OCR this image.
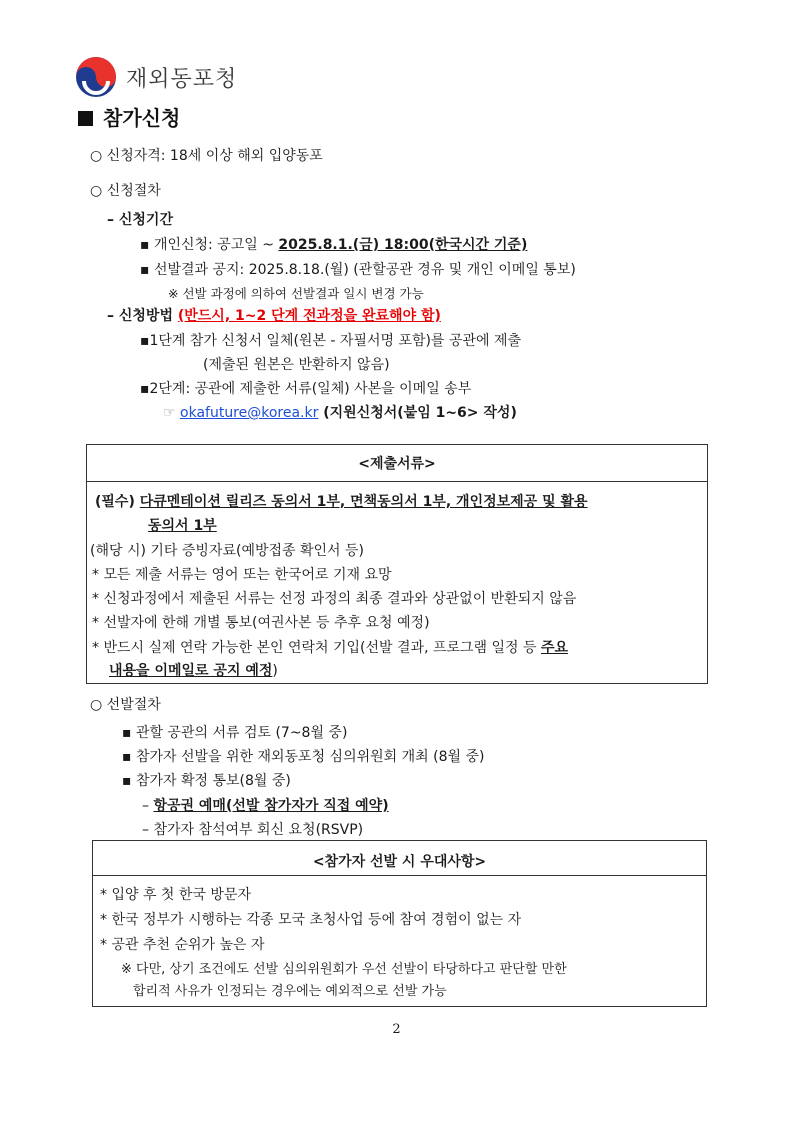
재외동포청
참가신청
○ 신청자격: 18세 이상 해외 입양동포
○ 신청절차
– 신청기간
▪ 개인신청: 공고일 ~ 2025.8.1.(금) 18:00(한국시간 기준)
▪ 선발결과 공지: 2025.8.18.(월) (관할공관 경유 및 개인 이메일 통보)
※ 선발 과정에 의하여 선발결과 일시 변경 가능
– 신청방법 (반드시, 1~2 단계 전과정을 완료해야 함)
▪1단계 참가 신청서 일체(원본 - 자필서명 포함)를 공관에 제출
(제출된 원본은 반환하지 않음)
▪2단계: 공관에 제출한 서류(일체) 사본을 이메일 송부
☞ okafuture@korea.kr (지원신청서(붙임 1~6> 작성)
<제출서류>
(필수) 다큐멘테이션 릴리즈 동의서 1부, 면책동의서 1부, 개인정보제공 및 활용
동의서 1부
(해당 시) 기타 증빙자료(예방접종 확인서 등)
* 모든 제출 서류는 영어 또는 한국어로 기재 요망
* 신청과정에서 제출된 서류는 선정 과정의 최종 결과와 상관없이 반환되지 않음
* 선발자에 한해 개별 통보(여권사본 등 추후 요청 예정)
* 반드시 실제 연락 가능한 본인 연락처 기입(선발 결과, 프로그램 일정 등 주요
내용을 이메일로 공지 예정)
○ 선발절차
▪ 관할 공관의 서류 검토 (7~8월 중)
▪ 참가자 선발을 위한 재외동포청 심의위원회 개최 (8월 중)
▪ 참가자 확정 통보(8월 중)
– 항공권 예매(선발 참가자가 직접 예약)
– 참가자 참석여부 회신 요청(RSVP)
<참가자 선발 시 우대사항>
* 입양 후 첫 한국 방문자
* 한국 정부가 시행하는 각종 모국 초청사업 등에 참여 경험이 없는 자
* 공관 추천 순위가 높은 자
※ 다만, 상기 조건에도 선발 심의위원회가 우선 선발이 타당하다고 판단할 만한
합리적 사유가 인정되는 경우에는 예외적으로 선발 가능
2
